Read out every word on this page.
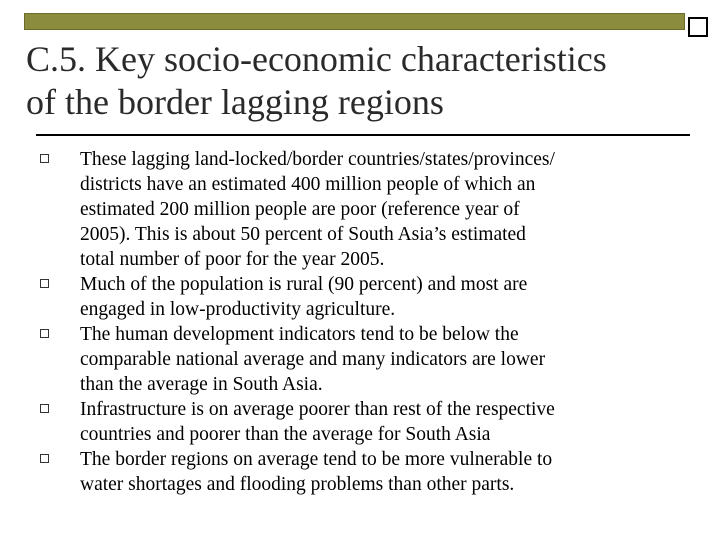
C.5. Key socio-economic characteristics
of the border lagging regions
These lagging land-locked/border countries/states/provinces/
districts have an estimated 400 million people of which an
estimated 200 million people are poor (reference year of
2005). This is about 50 percent of South Asia’s estimated
total number of poor for the year 2005.
Much of the population is rural (90 percent) and most are
engaged in low-productivity agriculture.
The human development indicators tend to be below the
comparable national average and many indicators are lower
than the average in South Asia.
Infrastructure is on average poorer than rest of the respective
countries and poorer than the average for South Asia
The border regions on average tend to be more vulnerable to
water shortages and flooding problems than other parts.
